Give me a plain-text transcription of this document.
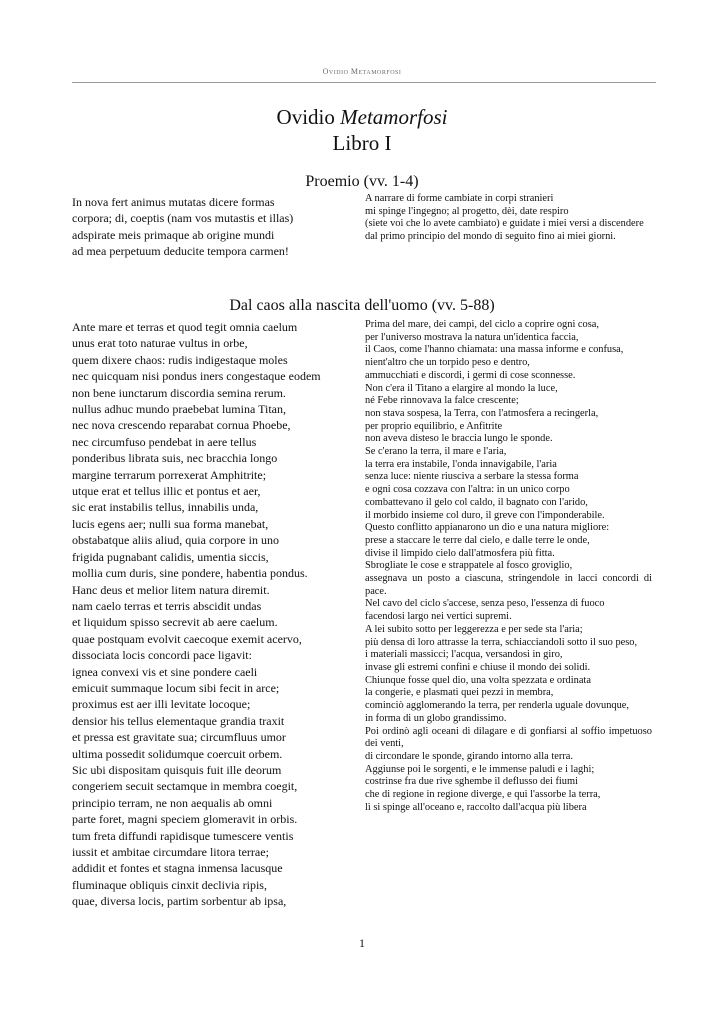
Ovidio Metamorfosi
Ovidio Metamorfosi
Libro I
Proemio (vv. 1-4)
In nova fert animus mutatas dicere formas
corpora; di, coeptis (nam vos mutastis et illas)
adspirate meis primaque ab origine mundi
ad mea perpetuum deducite tempora carmen!
A narrare di forme cambiate in corpi stranieri
mi spinge l'ingegno; al progetto, dèi, date respiro
(siete voi che lo avete cambiato) e guidate i miei versi a discendere
dal primo principio del mondo di seguito fino ai miei giorni.
Dal caos alla nascita dell'uomo (vv. 5-88)
Ante mare et terras et quod tegit omnia caelum
unus erat toto naturae vultus in orbe,
quem dixere chaos: rudis indigestaque moles
nec quicquam nisi pondus iners congestaque eodem
non bene iunctarum discordia semina rerum.
nullus adhuc mundo praebebat lumina Titan,
nec nova crescendo reparabat cornua Phoebe,
nec circumfuso pendebat in aere tellus
ponderibus librata suis, nec bracchia longo
margine terrarum porrexerat Amphitrite;
utque erat et tellus illic et pontus et aer,
sic erat instabilis tellus, innabilis unda,
lucis egens aer; nulli sua forma manebat,
obstabatque aliis aliud, quia corpore in uno
frigida pugnabant calidis, umentia siccis,
mollia cum duris, sine pondere, habentia pondus.
Hanc deus et melior litem natura diremit.
nam caelo terras et terris abscidit undas
et liquidum spisso secrevit ab aere caelum.
quae postquam evolvit caecoque exemit acervo,
dissociata locis concordi pace ligavit:
ignea convexi vis et sine pondere caeli
emicuit summaque locum sibi fecit in arce;
proximus est aer illi levitate locoque;
densior his tellus elementaque grandia traxit
et pressa est gravitate sua; circumfluus umor
ultima possedit solidumque coercuit orbem.
Sic ubi dispositam quisquis fuit ille deorum
congeriem secuit sectamque in membra coegit,
principio terram, ne non aequalis ab omni
parte foret, magni speciem glomeravit in orbis.
tum freta diffundi rapidisque tumescere ventis
iussit et ambitae circumdare litora terrae;
addidit et fontes et stagna inmensa lacusque
fluminaque obliquis cinxit declivia ripis,
quae, diversa locis, partim sorbentur ab ipsa,
Prima del mare, dei campi, del ciclo a coprire ogni cosa,
per l'universo mostrava la natura un'identica faccia,
il Caos, come l'hanno chiamata: una massa informe e confusa,
nient'altro che un torpido peso e dentro,
ammucchiati e discordi, i germi di cose sconnesse.
Non c'era il Titano a elargire al mondo la luce,
né Febe rinnovava la falce crescente;
non stava sospesa, la Terra, con l'atmosfera a recingerla,
per proprio equilibrio, e Anfitrite
non aveva disteso le braccia lungo le sponde.
Se c'erano la terra, il mare e l'aria,
la terra era instabile, l'onda innavigabile, l'aria
senza luce: niente riusciva a serbare la stessa forma
e ogni cosa cozzava con l'altra: in un unico corpo
combattevano il gelo col caldo, il bagnato con l'arido,
il morbido insieme col duro, il greve con l'imponderabile.
Questo conflitto appianarono un dio e una natura migliore:
prese a staccare le terre dal cielo, e dalle terre le onde,
divise il limpido cielo dall'atmosfera più fitta.
Sbrogliate le cose e strappatele al fosco groviglio,
assegnava un posto a ciascuna, stringendole in lacci concordi di pace.
Nel cavo del ciclo s'accese, senza peso, l'essenza di fuoco
facendosi largo nei vertici supremi.
A lei subito sotto per leggerezza e per sede sta l'aria;
più densa di loro attrasse la terra, schiacciandoli sotto il suo peso,
i materiali massicci; l'acqua, versandosi in giro,
invase gli estremi confini e chiuse il mondo dei solidi.
Chiunque fosse quel dio, una volta spezzata e ordinata
la congerie, e plasmati quei pezzi in membra,
cominciò agglomerando la terra, per renderla uguale dovunque,
in forma di un globo grandissimo.
Poi ordinò agli oceani di dilagare e di gonfiarsi al soffio impetuoso dei venti,
di circondare le sponde, girando intorno alla terra.
Aggiunse poi le sorgenti, e le immense paludi e i laghi;
costrinse fra due rive sghembe il deflusso dei fiumi
che di regione in regione diverge, e qui l'assorbe la terra,
lì si spinge all'oceano e, raccolto dall'acqua più libera
1
